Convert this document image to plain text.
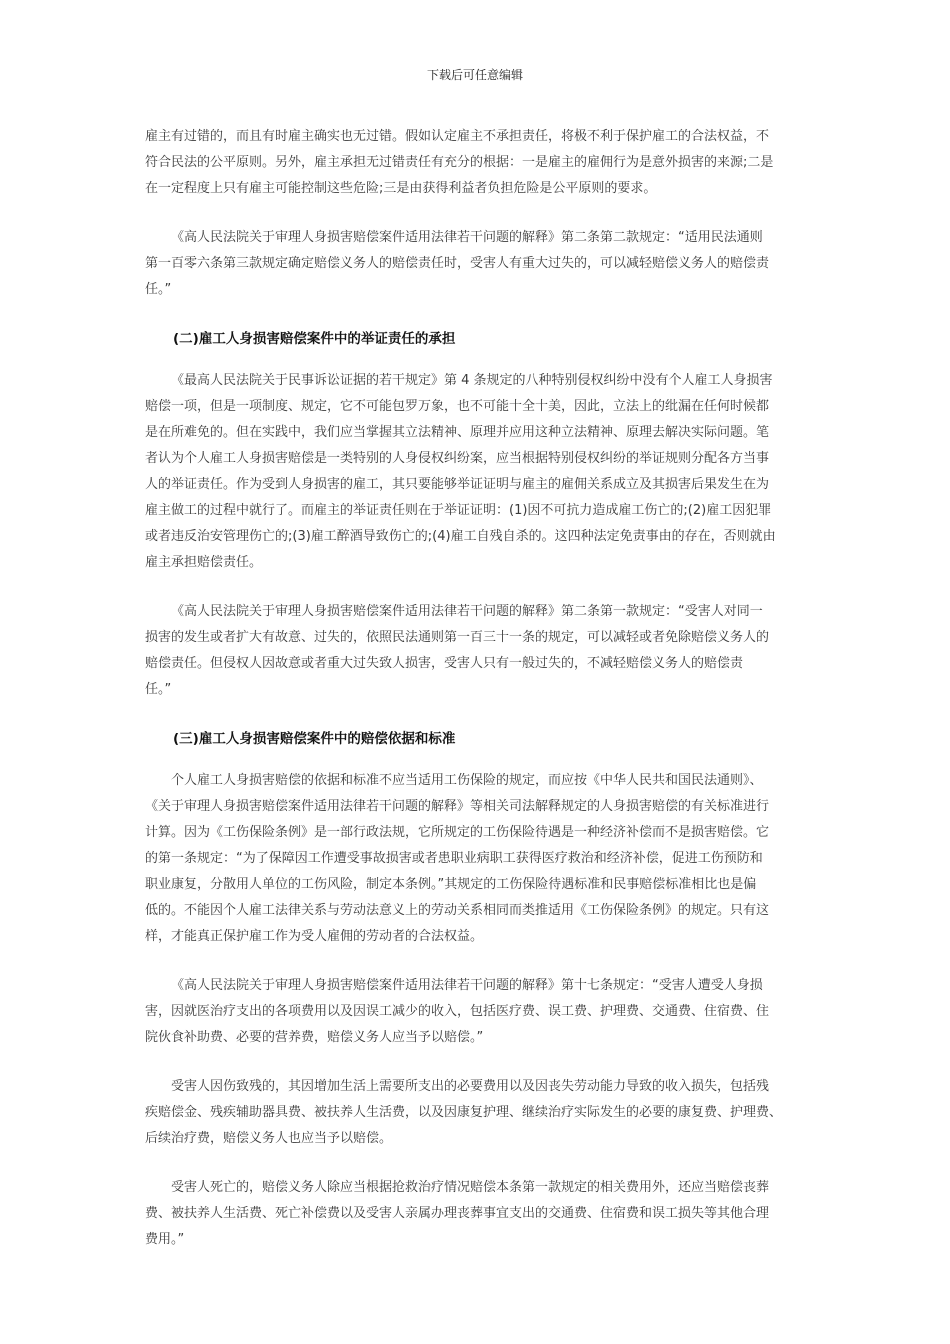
下载后可任意编辑
雇主有过错的，而且有时雇主确实也无过错。假如认定雇主不承担责任，将极不利于保护雇工的合法权益，不
符合民法的公平原则。另外，雇主承担无过错责任有充分的根据：一是雇主的雇佣行为是意外损害的来源;二是
在一定程度上只有雇主可能控制这些危险;三是由获得利益者负担危险是公平原则的要求。
《高人民法院关于审理人身损害赔偿案件适用法律若干问题的解释》第二条第二款规定：“适用民法通则
第一百零六条第三款规定确定赔偿义务人的赔偿责任时，受害人有重大过失的，可以减轻赔偿义务人的赔偿责
任。”
(二)雇工人身损害赔偿案件中的举证责任的承担
《最高人民法院关于民事诉讼证据的若干规定》第 4 条规定的八种特别侵权纠纷中没有个人雇工人身损害
赔偿一项，但是一项制度、规定，它不可能包罗万象，也不可能十全十美，因此，立法上的纰漏在任何时候都
是在所难免的。但在实践中，我们应当掌握其立法精神、原理并应用这种立法精神、原理去解决实际问题。笔
者认为个人雇工人身损害赔偿是一类特别的人身侵权纠纷案，应当根据特别侵权纠纷的举证规则分配各方当事
人的举证责任。作为受到人身损害的雇工，其只要能够举证证明与雇主的雇佣关系成立及其损害后果发生在为
雇主做工的过程中就行了。而雇主的举证责任则在于举证证明：(1)因不可抗力造成雇工伤亡的;(2)雇工因犯罪
或者违反治安管理伤亡的;(3)雇工醉酒导致伤亡的;(4)雇工自残自杀的。这四种法定免责事由的存在，否则就由
雇主承担赔偿责任。
《高人民法院关于审理人身损害赔偿案件适用法律若干问题的解释》第二条第一款规定：“受害人对同一
损害的发生或者扩大有故意、过失的，依照民法通则第一百三十一条的规定，可以减轻或者免除赔偿义务人的
赔偿责任。但侵权人因故意或者重大过失致人损害，受害人只有一般过失的，不减轻赔偿义务人的赔偿责
任。”
(三)雇工人身损害赔偿案件中的赔偿依据和标准
个人雇工人身损害赔偿的依据和标准不应当适用工伤保险的规定，而应按《中华人民共和国民法通则》、
《关于审理人身损害赔偿案件适用法律若干问题的解释》等相关司法解释规定的人身损害赔偿的有关标准进行
计算。因为《工伤保险条例》是一部行政法规，它所规定的工伤保险待遇是一种经济补偿而不是损害赔偿。它
的第一条规定：“为了保障因工作遭受事故损害或者患职业病职工获得医疗救治和经济补偿，促进工伤预防和
职业康复，分散用人单位的工伤风险，制定本条例。”其规定的工伤保险待遇标准和民事赔偿标准相比也是偏
低的。不能因个人雇工法律关系与劳动法意义上的劳动关系相同而类推适用《工伤保险条例》的规定。只有这
样，才能真正保护雇工作为受人雇佣的劳动者的合法权益。
《高人民法院关于审理人身损害赔偿案件适用法律若干问题的解释》第十七条规定：“受害人遭受人身损
害，因就医治疗支出的各项费用以及因误工减少的收入，包括医疗费、误工费、护理费、交通费、住宿费、住
院伙食补助费、必要的营养费，赔偿义务人应当予以赔偿。”
受害人因伤致残的，其因增加生活上需要所支出的必要费用以及因丧失劳动能力导致的收入损失，包括残
疾赔偿金、残疾辅助器具费、被扶养人生活费，以及因康复护理、继续治疗实际发生的必要的康复费、护理费、
后续治疗费，赔偿义务人也应当予以赔偿。
受害人死亡的，赔偿义务人除应当根据抢救治疗情况赔偿本条第一款规定的相关费用外，还应当赔偿丧葬
费、被扶养人生活费、死亡补偿费以及受害人亲属办理丧葬事宜支出的交通费、住宿费和误工损失等其他合理
费用。”
